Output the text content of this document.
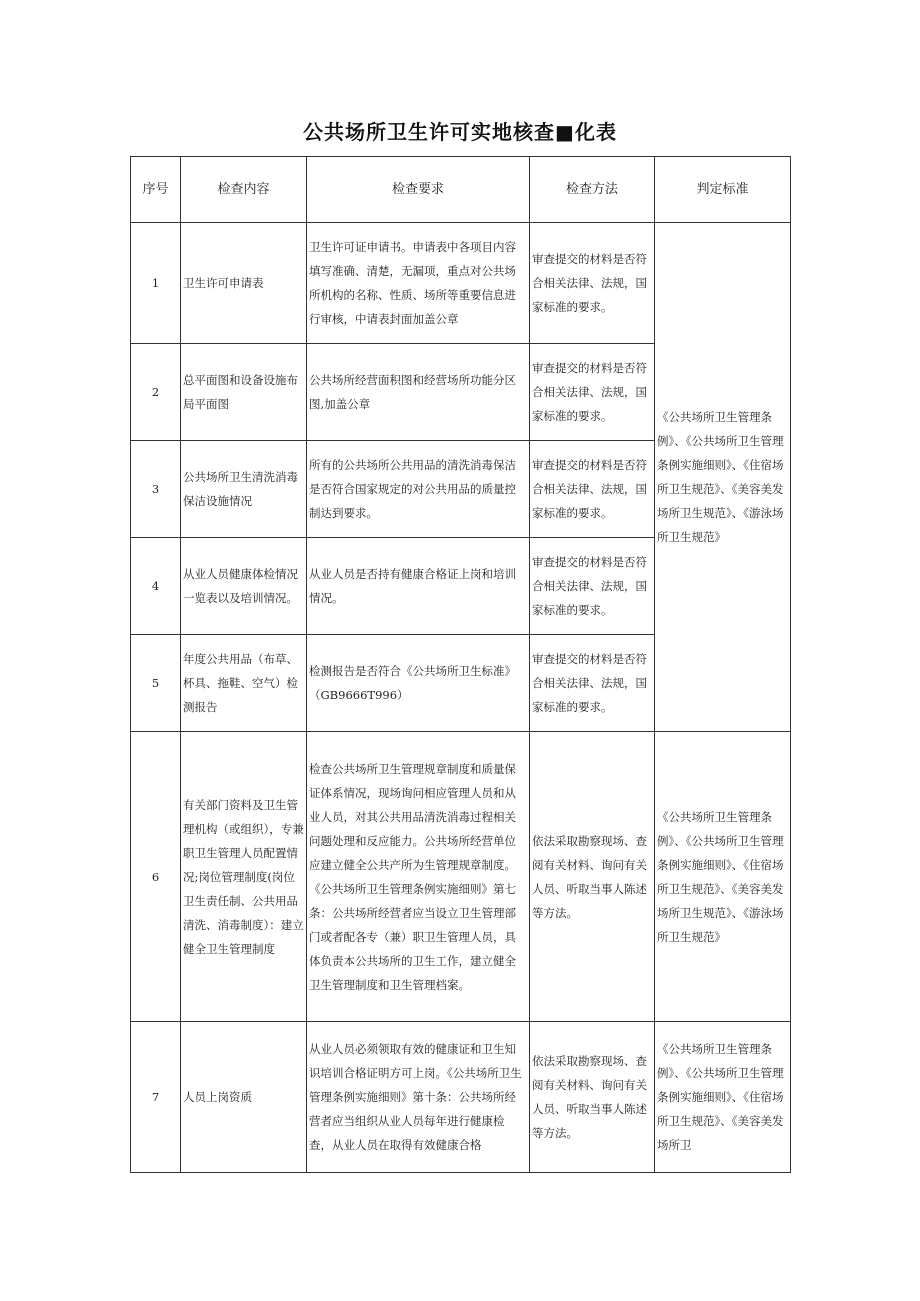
公共场所卫生许可实地核查■化表
序号	检查内容	检查要求	检查方法	判定标准
1	卫生许可申请表	卫生许可证申请书。申请表中各项目内容填写准确、清楚，无漏项，重点对公共场所机构的名称、性质、场所等重要信息进行审核，中请表封面加盖公章	审查提交的材料是否符合相关法律、法规，国家标准的要求。	《公共场所卫生管理条例》、《公共场所卫生管理条例实施细则》、《住宿场所卫生规范》、《美容美发场所卫生规范》、《游泳场所卫生规范》
2	总平面图和设备设施布局平面图	公共场所经营面积图和经营场所功能分区图,加盖公章	审查提交的材料是否符合相关法律、法规，国家标准的要求。	
3	公共场所卫生清洗消毒保洁设施情况	所有的公共场所公共用品的清洗消毒保洁是否符合国家规定的对公共用品的质量控制达到要求。	审查提交的材料是否符合相关法律、法规，国家标准的要求。	
4	从业人员健康体检情况一览表以及培训情况。	从业人员是否持有健康合格证上岗和培训情况。	审查提交的材料是否符合相关法律、法规，国家标准的要求。	
5	年度公共用品（布草、杯具、拖鞋、空气）检测报告	检测报告是否符合《公共场所卫生标准》（GB9666T996）	审查提交的材料是否符合相关法律、法规，国家标准的要求。	
6	有关部门资料及卫生管理机构（或组织），专兼职卫生管理人员配置情况;岗位管理制度(岗位卫生责任制、公共用品清洗、消毒制度）：建立健全卫生管理制度	检查公共场所卫生管理规章制度和质量保证体系情况，现场询问相应管理人员和从业人员，对其公共用品清洗消毒过程相关问题处理和反应能力。公共场所经营单位应建立健全公共产所为生管理规章制度。《公共场所卫生管理条例实施细则》第七条：公共场所经营者应当设立卫生管理部门或者配各专（兼）职卫生管理人员，具体负责本公共场所的卫生工作，建立健全卫生管理制度和卫生管理档案。	依法采取勘察现场、查阅有关材料、询问有关人员、听取当事人陈述等方法。	《公共场所卫生管理条例》、《公共场所卫生管理条例实施细则》、《住宿场所卫生规范》、《美容美发场所卫生规范》、《游泳场所卫生规范》
7	人员上岗资质	从业人员必须领取有效的健康证和卫生知识培训合格证明方可上岗。《公共场所卫生管理条例实施细则》第十条：公共场所经营者应当组织从业人员每年进行健康检查，从业人员在取得有效健康合格	依法采取勘察现场、查阅有关材料、询问有关人员、听取当事人陈述等方法。	《公共场所卫生管理条例》、《公共场所卫生管理条例实施细则》、《住宿场所卫生规范》、《美容美发场所卫
